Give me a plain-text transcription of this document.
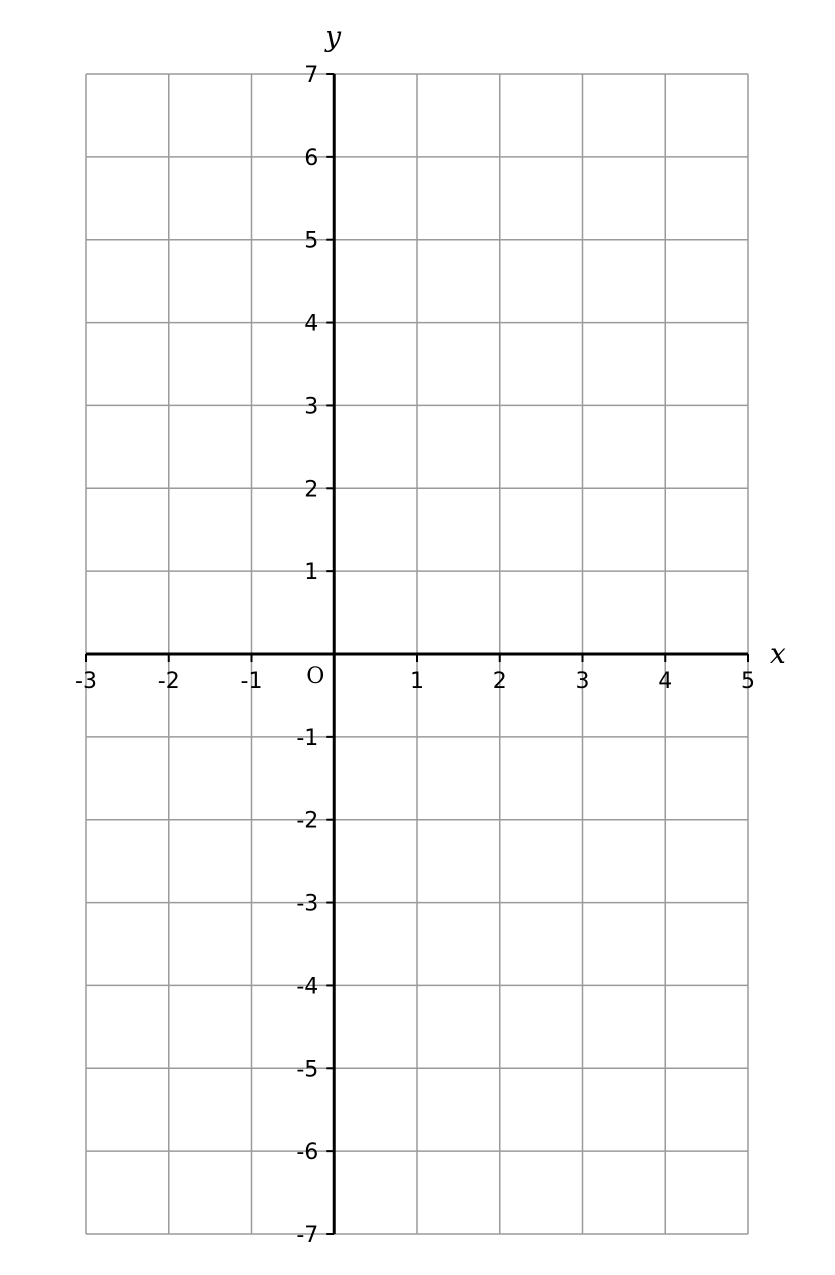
-3	-2	-1	1	2	3	4	5
7
6
5
4
3
2
1
-1
-2
-3
-4
-5
-6
-7
x
y
O
